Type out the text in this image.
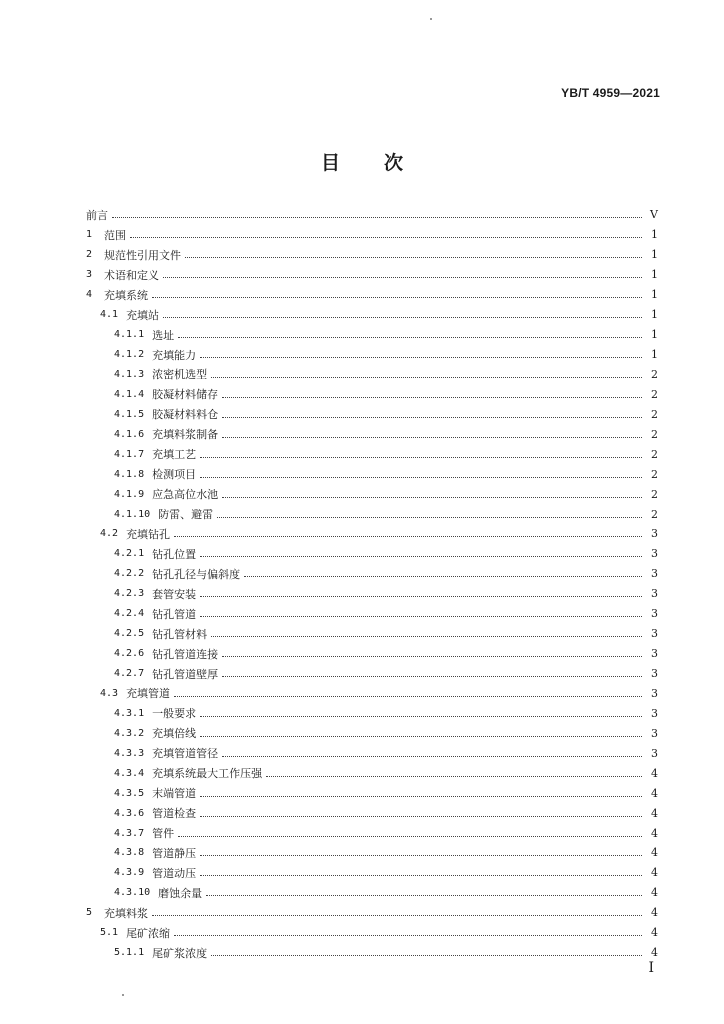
YB/T 4959—2021
目 次
前言	V
1 范围	1
2 规范性引用文件	1
3 术语和定义	1
4 充填系统	1
4.1 充填站	1
4.1.1 选址	1
4.1.2 充填能力	1
4.1.3 浓密机选型	2
4.1.4 胶凝材料储存	2
4.1.5 胶凝材料料仓	2
4.1.6 充填料浆制备	2
4.1.7 充填工艺	2
4.1.8 检测项目	2
4.1.9 应急高位水池	2
4.1.10 防雷、避雷	2
4.2 充填钻孔	3
4.2.1 钻孔位置	3
4.2.2 钻孔孔径与偏斜度	3
4.2.3 套管安装	3
4.2.4 钻孔管道	3
4.2.5 钻孔管材料	3
4.2.6 钻孔管道连接	3
4.2.7 钻孔管道壁厚	3
4.3 充填管道	3
4.3.1 一般要求	3
4.3.2 充填倍线	3
4.3.3 充填管道管径	3
4.3.4 充填系统最大工作压强	4
4.3.5 末端管道	4
4.3.6 管道检查	4
4.3.7 管件	4
4.3.8 管道静压	4
4.3.9 管道动压	4
4.3.10 磨蚀余量	4
5 充填料浆	4
5.1 尾矿浓缩	4
5.1.1 尾矿浆浓度	4
I
